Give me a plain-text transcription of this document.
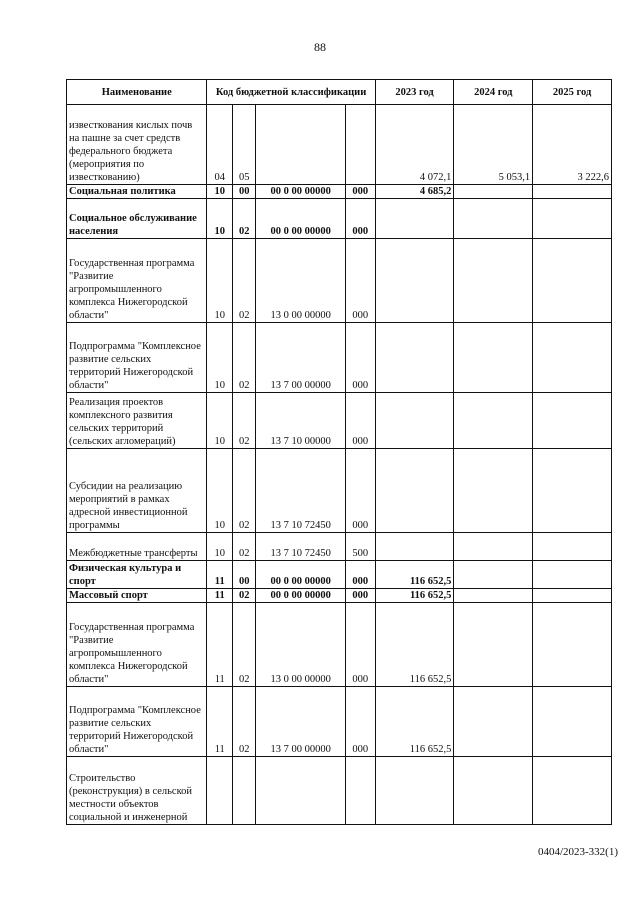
88
Наименование	Код бюджетной классификации				2023 год	2024 год	2025 год
известкования кислых почв на пашне за счет средств федерального бюджета (мероприятия по известкованию)	04	05			4 072,1	5 053,1	3 222,6
Социальная политика	10	00	00 0 00 00000	000	4 685,2		
Социальное обслуживание населения	10	02	00 0 00 00000	000			
Государственная программа "Развитие агропромышленного комплекса Нижегородской области"	10	02	13 0 00 00000	000			
Подпрограмма "Комплексное развитие сельских территорий Нижегородской области"	10	02	13 7 00 00000	000			
Реализация проектов комплексного развития сельских территорий (сельских агломераций)	10	02	13 7 10 00000	000			
Субсидии на реализацию мероприятий в рамках адресной инвестиционной программы	10	02	13 7 10 72450	000			
Межбюджетные трансферты	10	02	13 7 10 72450	500			
Физическая культура и спорт	11	00	00 0 00 00000	000	116 652,5		
Массовый спорт	11	02	00 0 00 00000	000	116 652,5		
Государственная программа "Развитие агропромышленного комплекса Нижегородской области"	11	02	13 0 00 00000	000	116 652,5		
Подпрограмма "Комплексное развитие сельских территорий Нижегородской области"	11	02	13 7 00 00000	000	116 652,5		
Строительство (реконструкция) в сельской местности объектов социальной и инженерной							
0404/2023-332(1)
